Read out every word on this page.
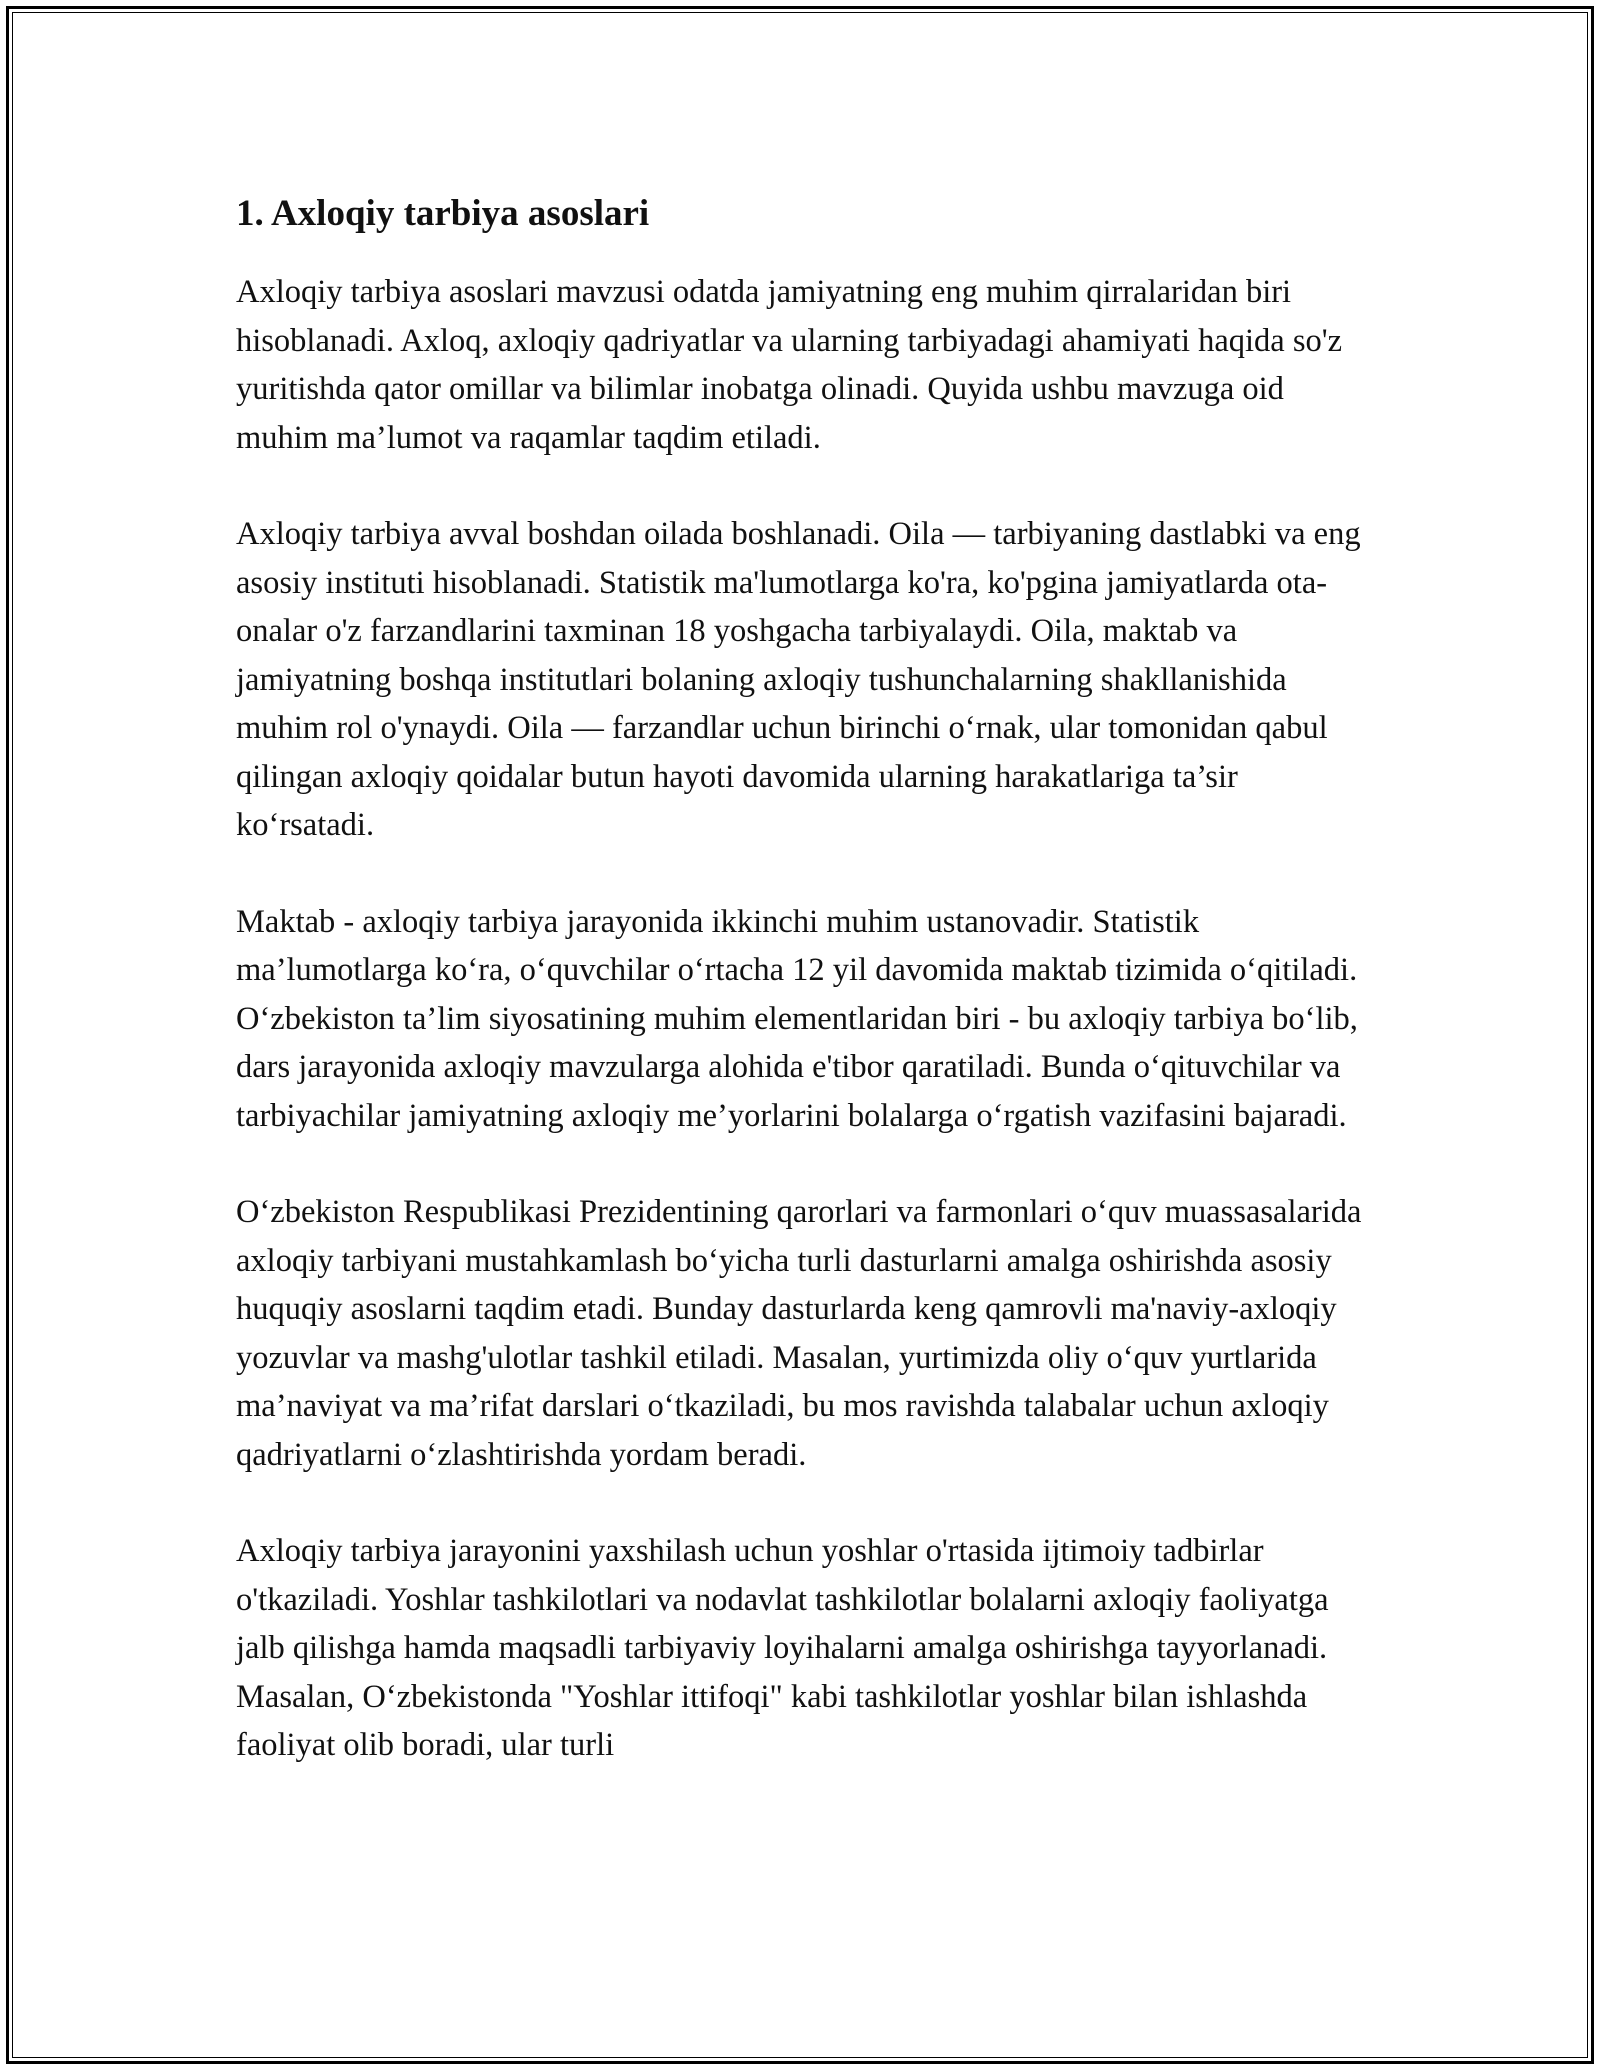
1. Axloqiy tarbiya asoslari

Axloqiy tarbiya asoslari mavzusi odatda jamiyatning eng muhim qirralaridan biri hisoblanadi. Axloq, axloqiy qadriyatlar va ularning tarbiyadagi ahamiyati haqida so'z yuritishda qator omillar va bilimlar inobatga olinadi. Quyida ushbu mavzuga oid muhim ma’lumot va raqamlar taqdim etiladi.

Axloqiy tarbiya avval boshdan oilada boshlanadi. Oila — tarbiyaning dastlabki va eng asosiy instituti hisoblanadi. Statistik ma'lumotlarga ko'ra, ko'pgina jamiyatlarda ota-onalar o'z farzandlarini taxminan 18 yoshgacha tarbiyalaydi. Oila, maktab va jamiyatning boshqa institutlari bolaning axloqiy tushunchalarning shakllanishida muhim rol o'ynaydi. Oila — farzandlar uchun birinchi o‘rnak, ular tomonidan qabul qilingan axloqiy qoidalar butun hayoti davomida ularning harakatlariga ta’sir ko‘rsatadi.

Maktab - axloqiy tarbiya jarayonida ikkinchi muhim ustanovadir. Statistik ma’lumotlarga ko‘ra, o‘quvchilar o‘rtacha 12 yil davomida maktab tizimida o‘qitiladi. O‘zbekiston ta’lim siyosatining muhim elementlaridan biri - bu axloqiy tarbiya bo‘lib, dars jarayonida axloqiy mavzularga alohida e'tibor qaratiladi. Bunda o‘qituvchilar va tarbiyachilar jamiyatning axloqiy me’yorlarini bolalarga o‘rgatish vazifasini bajaradi.

O‘zbekiston Respublikasi Prezidentining qarorlari va farmonlari o‘quv muassasalarida axloqiy tarbiyani mustahkamlash bo‘yicha turli dasturlarni amalga oshirishda asosiy huquqiy asoslarni taqdim etadi. Bunday dasturlarda keng qamrovli ma'naviy-axloqiy yozuvlar va mashg'ulotlar tashkil etiladi. Masalan, yurtimizda oliy o‘quv yurtlarida ma’naviyat va ma’rifat darslari o‘tkaziladi, bu mos ravishda talabalar uchun axloqiy qadriyatlarni o‘zlashtirishda yordam beradi.

Axloqiy tarbiya jarayonini yaxshilash uchun yoshlar o'rtasida ijtimoiy tadbirlar o'tkaziladi. Yoshlar tashkilotlari va nodavlat tashkilotlar bolalarni axloqiy faoliyatga jalb qilishga hamda maqsadli tarbiyaviy loyihalarni amalga oshirishga tayyorlanadi. Masalan, O‘zbekistonda "Yoshlar ittifoqi" kabi tashkilotlar yoshlar bilan ishlashda faoliyat olib boradi, ular turli
